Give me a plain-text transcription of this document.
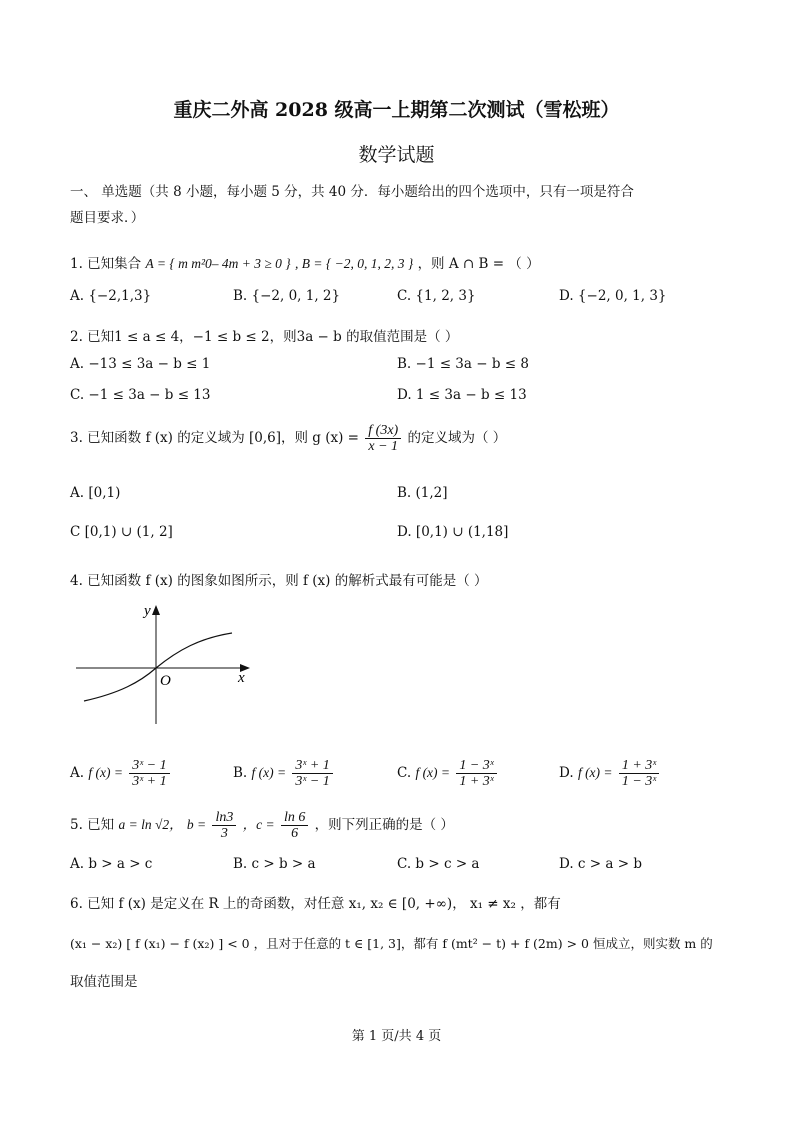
重庆二外高 2028 级高一上期第二次测试（雪松班）
数学试题
一、 单选题（共 8 小题，每小题 5 分，共 40 分．每小题给出的四个选项中，只有一项是符合
题目要求．）
1. 已知集合 A = { m m²0– 4m + 3 ≥ 0 } , B = { −2, 0, 1, 2, 3 } ，则 A ∩ B = （ ）
A. {−2,1,3}	B. {−2, 0, 1, 2}	C. {1, 2, 3}	D. {−2, 0, 1, 3}
2. 已知1 ≤ a ≤ 4，−1 ≤ b ≤ 2，则3a − b 的取值范围是（ ）
A. −13 ≤ 3a − b ≤ 1	B. −1 ≤ 3a − b ≤ 8
C. −1 ≤ 3a − b ≤ 13	D. 1 ≤ 3a − b ≤ 13
3. 已知函数 f (x) 的定义域为 [0,6]，则 g $(x) = \frac{f (3x)}{x - 1}$ 的定义域为（ ）
A. [0,1)	B. (1,2]
C [0,1) ∪ (1, 2]	D. [0,1) ∪ (1,18]
4. 已知函数 f (x) 的图象如图所示，则 f (x) 的解析式最有可能是（ ）
y
x
O
A. f $(x) = \frac{\text{3ˣ − 1}}{\text{3ˣ + 1}}$	B. f $(x) = \frac{\text{3ˣ + 1}}{\text{3ˣ − 1}}$	C. f $(x) = \frac{\text{1 − 3ˣ}}{\text{1 + 3ˣ}}$	D. f $(x) = \frac{\text{1 + 3ˣ}}{\text{1 − 3ˣ}}$
5. 已知 a = ln √2， $b = \frac{\ln 3}{3}$ ，$c = \frac{\ln 6}{6}$ ，则下列正确的是（ ）
A. b > a > c	B. c > b > a	C. b > c > a	D. c > a > b
6. 已知 f (x) 是定义在 R 上的奇函数，对任意 x₁, x₂ ∈ [0, +∞)， x₁ ≠ x₂ ，都有
(x₁ − x₂) [ f (x₁) − f (x₂) ] < 0 ，且对于任意的 t ∈ [1, 3]，都有 f (mt² − t) + f (2m) > 0 恒成立，则实数 m 的
取值范围是
第 1 页/共 4 页
